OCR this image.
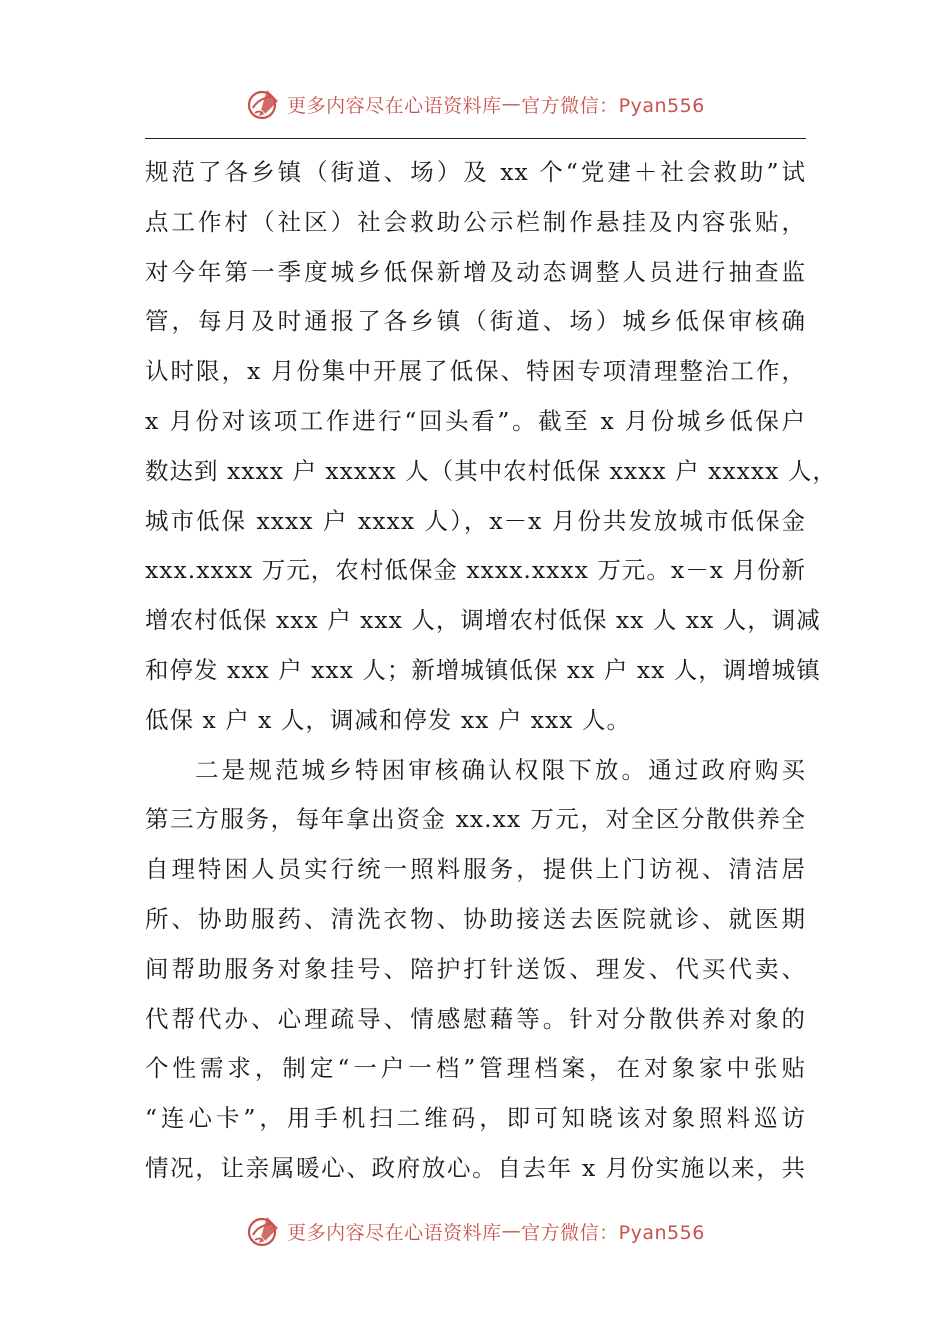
更多内容尽在心语资料库 — 官方微信：Pyan556
规范了各乡镇（街道、场）及 xx 个“党建＋社会救助”试
点工作村（社区）社会救助公示栏制作悬挂及内容张贴，
对今年第一季度城乡低保新增及动态调整人员进行抽查监
管，每月及时通报了各乡镇（街道、场）城乡低保审核确
认时限，x 月份集中开展了低保、特困专项清理整治工作，
x 月份对该项工作进行“回头看”。截至 x 月份城乡低保户
数达到 xxxx 户 xxxxx 人（其中农村低保 xxxx 户 xxxxx 人，
城市低保 xxxx 户 xxxx 人），x－x 月份共发放城市低保金
xxx.xxxx 万元，农村低保金 xxxx.xxxx 万元。x－x 月份新
增农村低保 xxx 户 xxx 人，调增农村低保 xx 人 xx 人，调减
和停发 xxx 户 xxx 人；新增城镇低保 xx 户 xx 人，调增城镇
低保 x 户 x 人，调减和停发 xx 户 xxx 人。
二是规范城乡特困审核确认权限下放。通过政府购买
第三方服务，每年拿出资金 xx.xx 万元，对全区分散供养全
自理特困人员实行统一照料服务，提供上门访视、清洁居
所、协助服药、清洗衣物、协助接送去医院就诊、就医期
间帮助服务对象挂号、陪护打针送饭、理发、代买代卖、
代帮代办、心理疏导、情感慰藉等。针对分散供养对象的
个性需求，制定“一户一档”管理档案，在对象家中张贴
“连心卡”，用手机扫二维码，即可知晓该对象照料巡访
情况，让亲属暖心、政府放心。自去年 x 月份实施以来，共
更多内容尽在心语资料库 — 官方微信：Pyan556
